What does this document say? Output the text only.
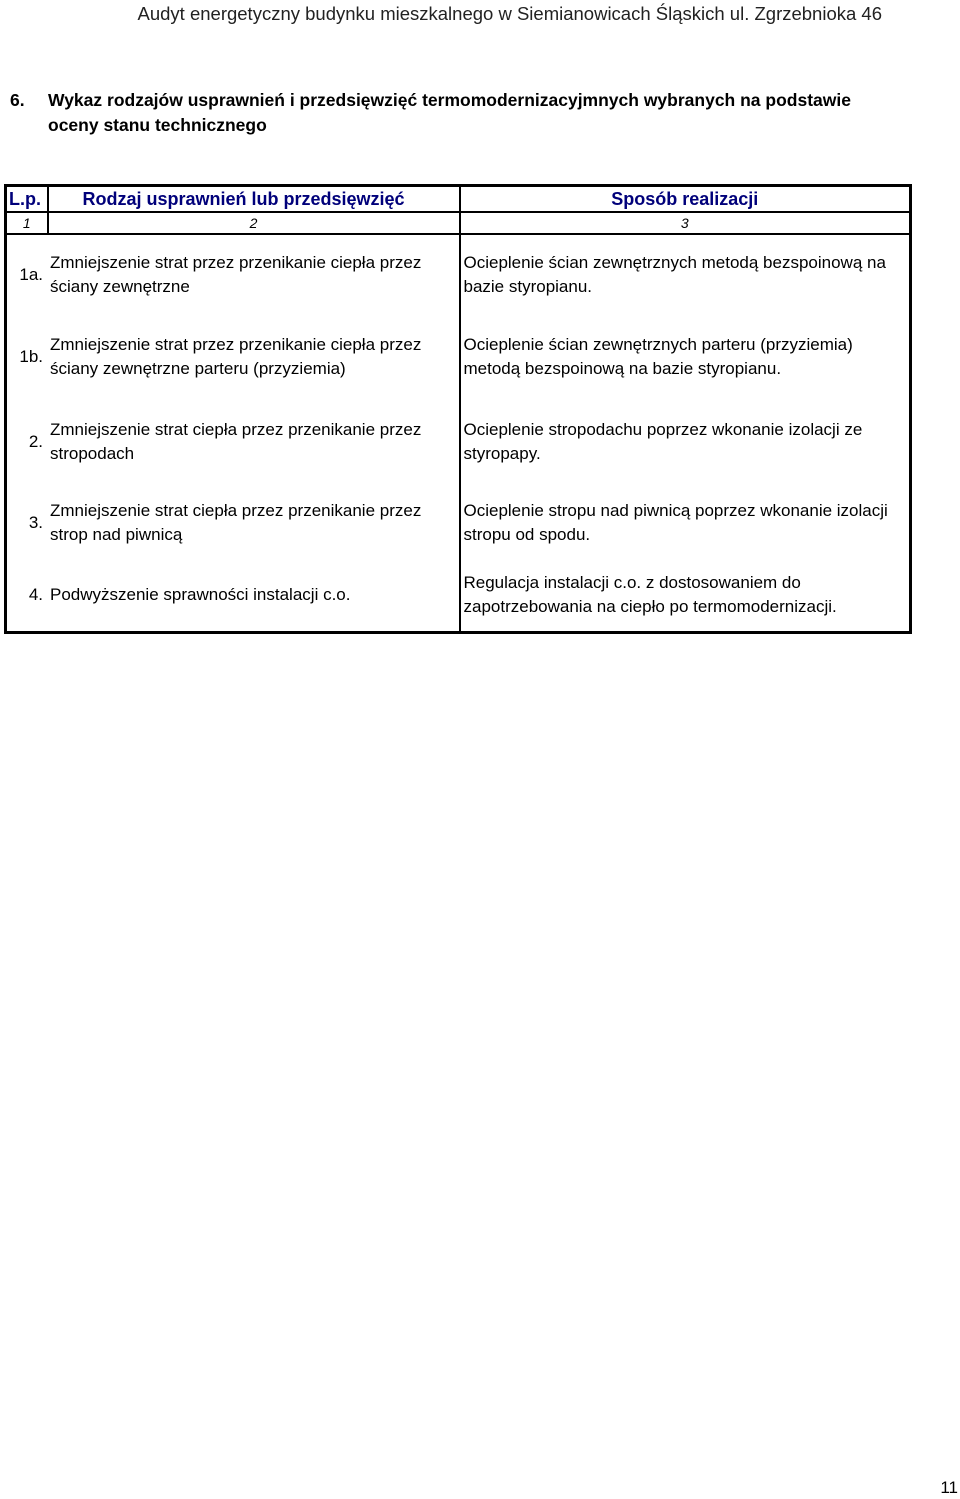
Audyt energetyczny budynku mieszkalnego w Siemianowicach Śląskich ul. Zgrzebnioka 46
6.	Wykaz rodzajów usprawnień i przedsięwzięć termomodernizacyjmnych wybranych na podstawie oceny stanu technicznego
L.p.	Rodzaj usprawnień lub przedsięwzięć	Sposób realizacji
1	2	3
1a.	Zmniejszenie strat przez przenikanie ciepła przez ściany zewnętrzne	Ocieplenie ścian zewnętrznych metodą bezspoinową na bazie styropianu.
1b.	Zmniejszenie strat przez przenikanie ciepła przez ściany zewnętrzne parteru (przyziemia)	Ocieplenie ścian zewnętrznych parteru (przyziemia) metodą bezspoinową na bazie styropianu.
2.	Zmniejszenie strat ciepła przez przenikanie przez stropodach	Ocieplenie stropodachu poprzez wkonanie izolacji ze styropapy.
3.	Zmniejszenie strat ciepła przez przenikanie przez strop nad piwnicą	Ocieplenie stropu nad piwnicą poprzez wkonanie izolacji stropu od spodu.
4.	Podwyższenie sprawności instalacji c.o.	Regulacja instalacji c.o. z dostosowaniem do zapotrzebowania na ciepło po termomodernizacji.
11
